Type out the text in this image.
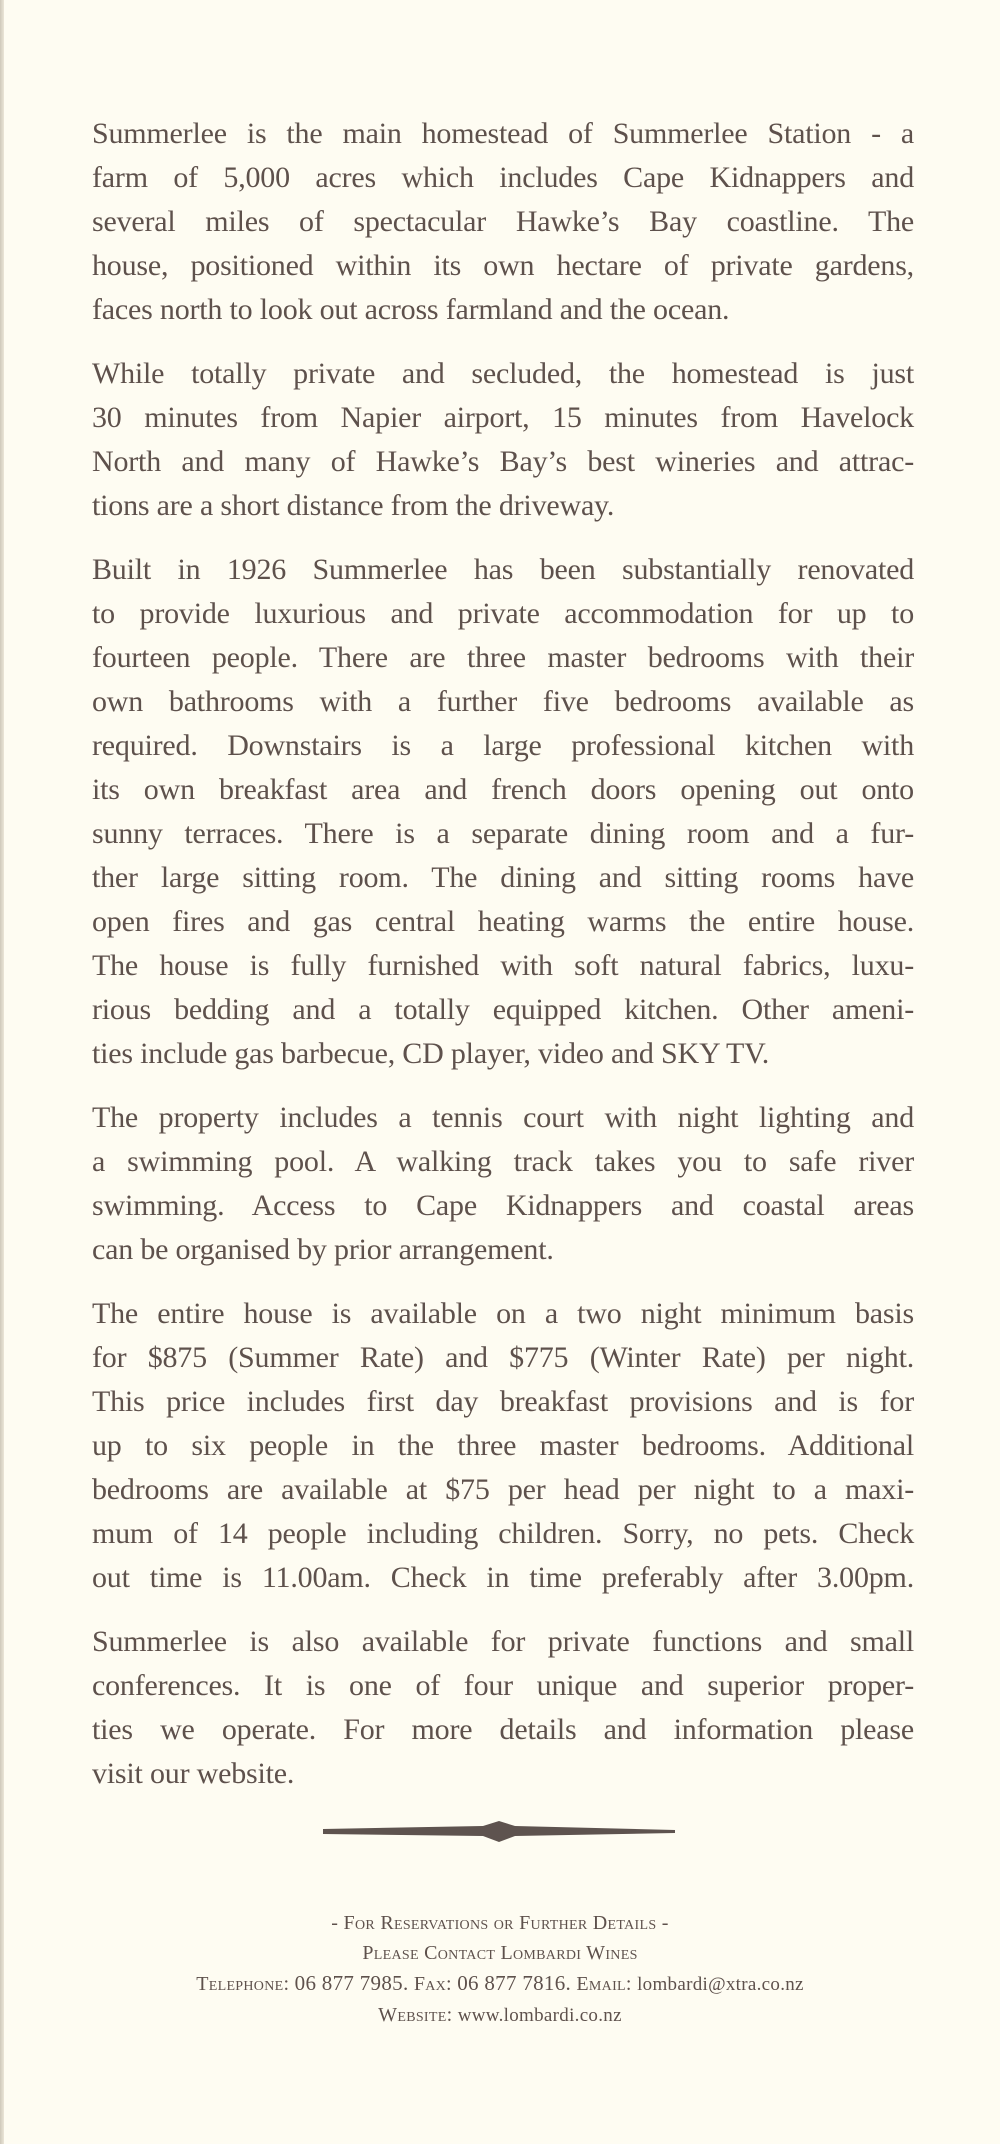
Summerlee is the main homestead of Summerlee Station - a
farm of 5,000 acres which includes Cape Kidnappers and
several miles of spectacular Hawke’s Bay coastline. The
house, positioned within its own hectare of private gardens,
faces north to look out across farmland and the ocean.

While totally private and secluded, the homestead is just
30 minutes from Napier airport, 15 minutes from Havelock
North and many of Hawke’s Bay’s best wineries and attrac-
tions are a short distance from the driveway.

Built in 1926 Summerlee has been substantially renovated
to provide luxurious and private accommodation for up to
fourteen people. There are three master bedrooms with their
own bathrooms with a further five bedrooms available as
required. Downstairs is a large professional kitchen with
its own breakfast area and french doors opening out onto
sunny terraces. There is a separate dining room and a fur-
ther large sitting room. The dining and sitting rooms have
open fires and gas central heating warms the entire house.
The house is fully furnished with soft natural fabrics, luxu-
rious bedding and a totally equipped kitchen. Other ameni-
ties include gas barbecue, CD player, video and SKY TV.

The property includes a tennis court with night lighting and
a swimming pool. A walking track takes you to safe river
swimming. Access to Cape Kidnappers and coastal areas
can be organised by prior arrangement.

The entire house is available on a two night minimum basis
for $875 (Summer Rate) and $775 (Winter Rate) per night.
This price includes first day breakfast provisions and is for
up to six people in the three master bedrooms. Additional
bedrooms are available at $75 per head per night to a maxi-
mum of 14 people including children. Sorry, no pets. Check
out time is 11.00am. Check in time preferably after 3.00pm.

Summerlee is also available for private functions and small
conferences. It is one of four unique and superior proper-
ties we operate. For more details and information please
visit our website.

- For Reservations or Further Details -
Please Contact Lombardi Wines
Telephone: 06 877 7985. Fax: 06 877 7816. Email: lombardi@xtra.co.nz
Website: www.lombardi.co.nz
